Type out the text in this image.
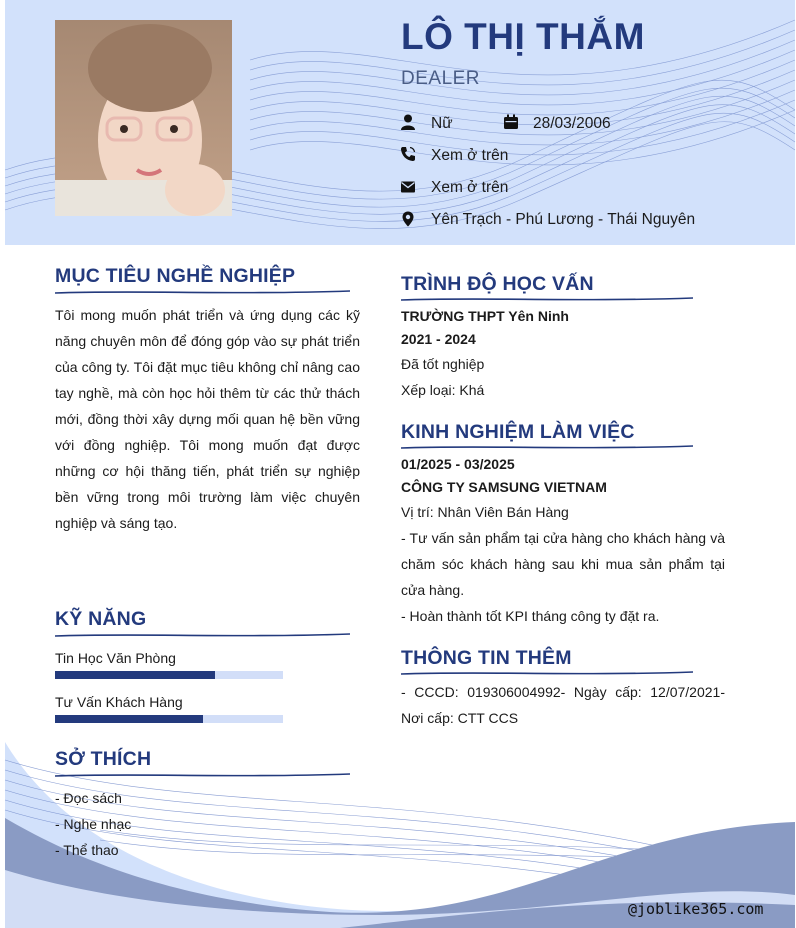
LÔ THỊ THẮM
DEALER
Nữ	28/03/2006
Xem ở trên
Xem ở trên
Yên Trạch - Phú Lương - Thái Nguyên
MỤC TIÊU NGHỀ NGHIỆP
Tôi mong muốn phát triển và ứng dụng các kỹ năng chuyên môn để đóng góp vào sự phát triển của công ty. Tôi đặt mục tiêu không chỉ nâng cao tay nghề, mà còn học hỏi thêm từ các thử thách mới, đồng thời xây dựng mối quan hệ bền vững với đồng nghiệp. Tôi mong muốn đạt được những cơ hội thăng tiến, phát triển sự nghiệp bền vững trong môi trường làm việc chuyên nghiệp và sáng tạo.
KỸ NĂNG
Tin Học Văn Phòng
Tư Vấn Khách Hàng
SỞ THÍCH
- Đọc sách
- Nghe nhạc
- Thể thao
TRÌNH ĐỘ HỌC VẤN
TRƯỜNG THPT Yên Ninh
2021 - 2024
Đã tốt nghiệp
Xếp loại: Khá
KINH NGHIỆM LÀM VIỆC
01/2025 - 03/2025
CÔNG TY SAMSUNG VIETNAM
Vị trí: Nhân Viên Bán Hàng
- Tư vấn sản phẩm tại cửa hàng cho khách hàng và chăm sóc khách hàng sau khi mua sản phẩm tại cửa hàng.
- Hoàn thành tốt KPI tháng công ty đặt ra.
THÔNG TIN THÊM
- CCCD: 019306004992- Ngày cấp: 12/07/2021- Nơi cấp: CTT CCS
@joblike365.com
